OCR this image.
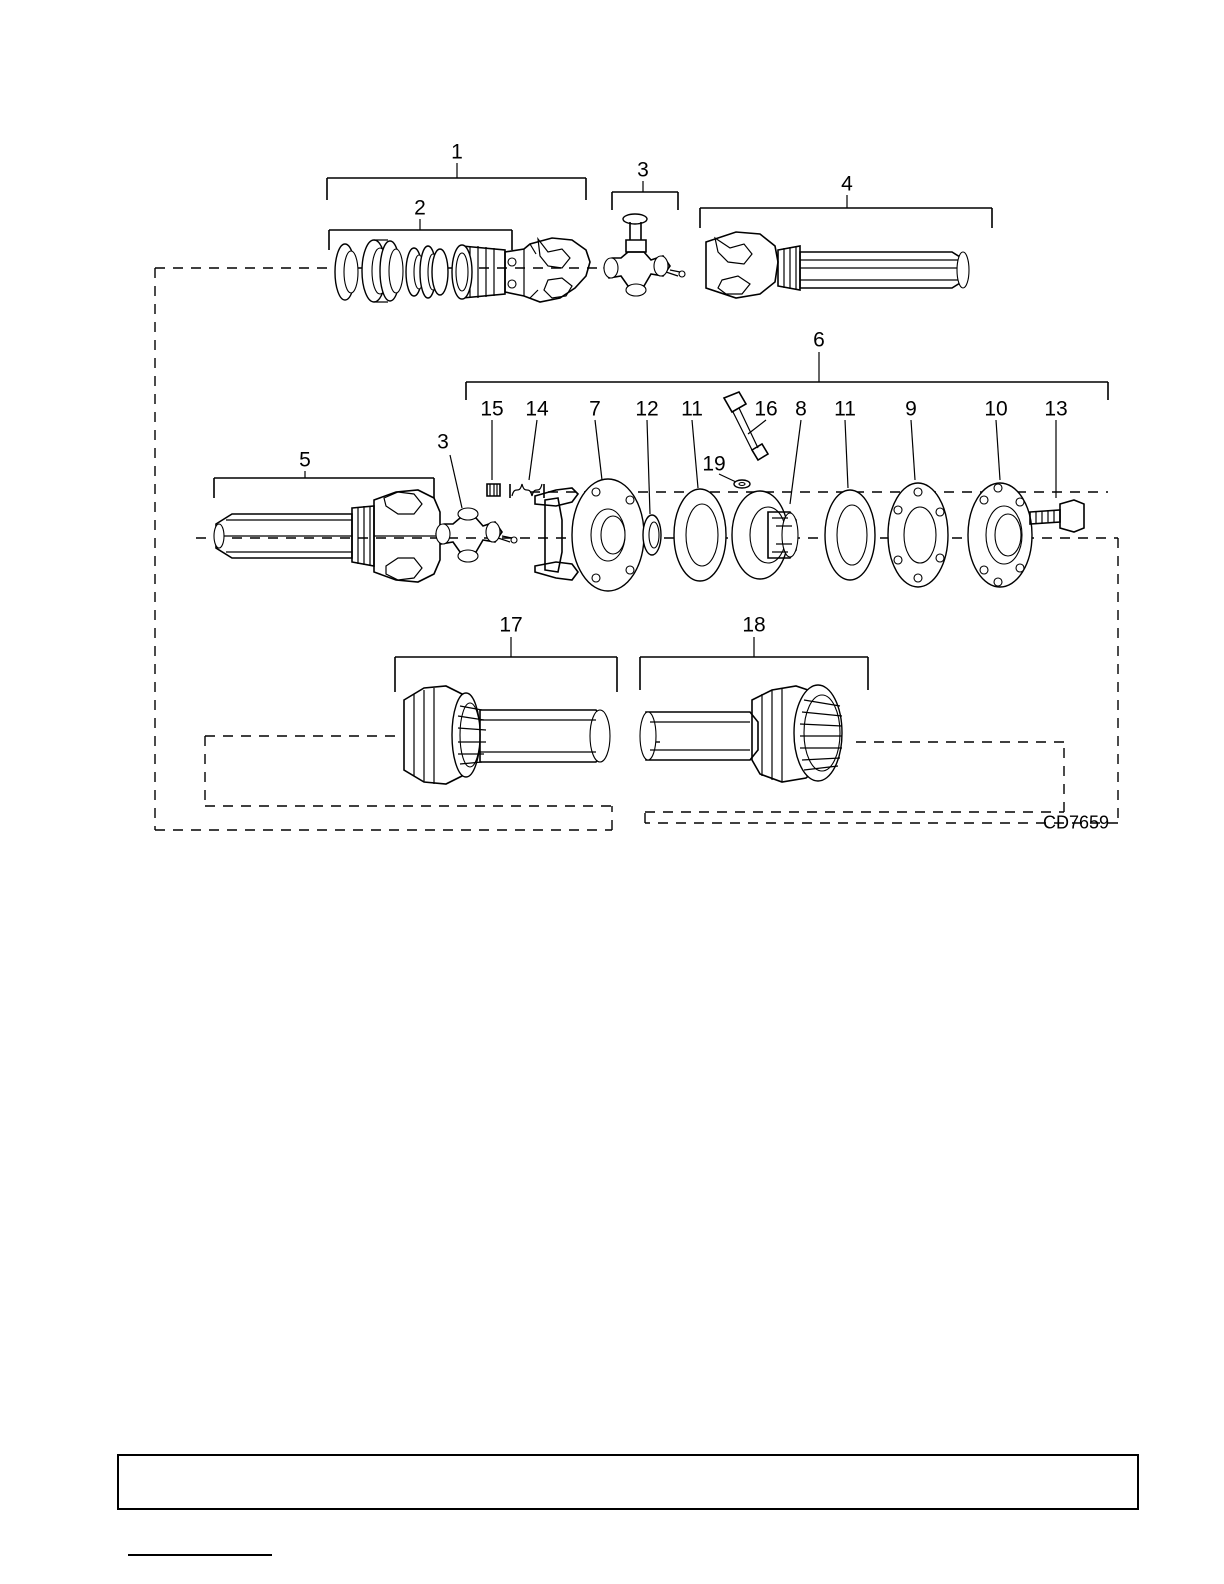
1
2
3
4
6
15 14 7 12 11 16 8 11 9	10 13
19
3
5
17	18
CD7659
